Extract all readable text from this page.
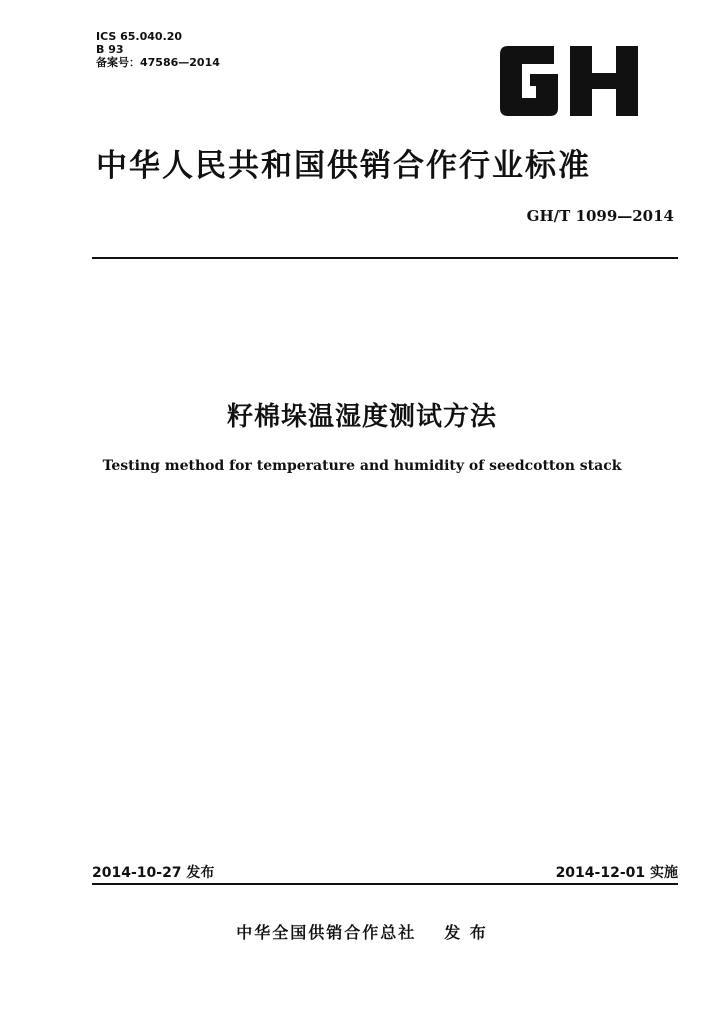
ICS 65.040.20
B 93
备案号：47586—2014
中华人民共和国供销合作行业标准
GH/T 1099—2014
籽棉垛温湿度测试方法
Testing method for temperature and humidity of seedcotton stack
2014-10-27 发布	2014-12-01 实施
中华全国供销合作总社 发 布
